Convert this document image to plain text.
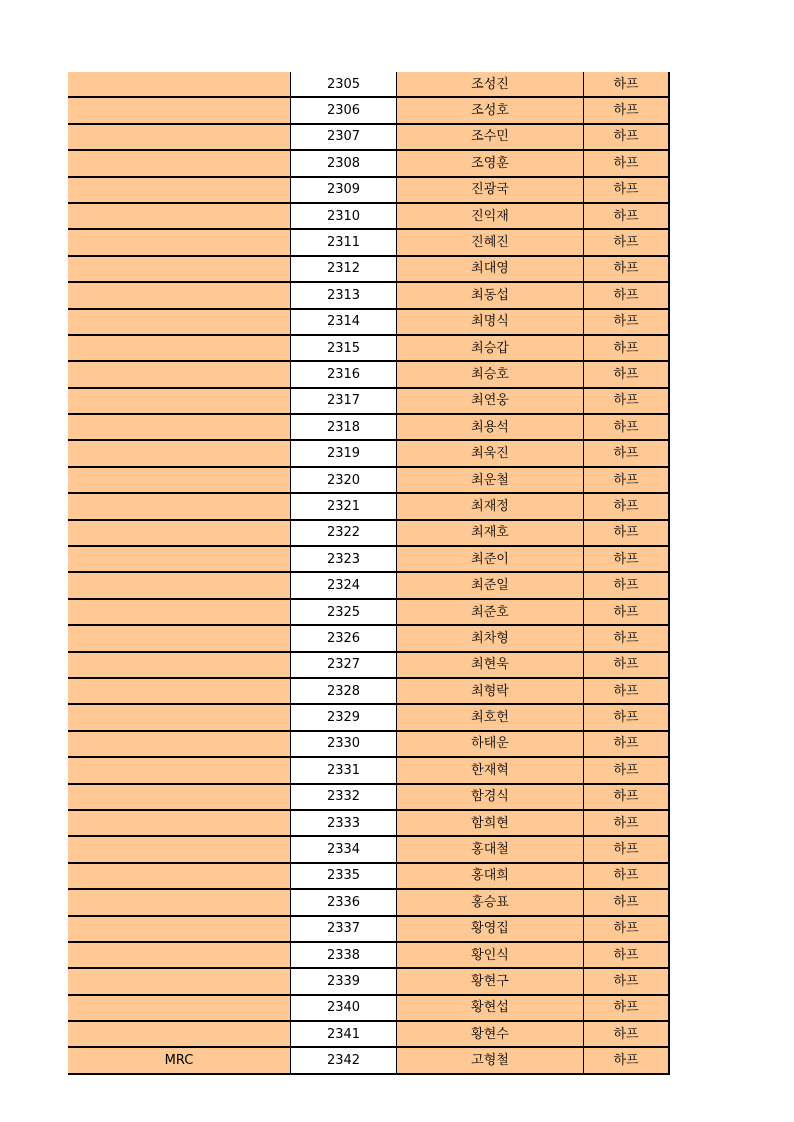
	2305	조성진	하프
	2306	조성호	하프
	2307	조수민	하프
	2308	조영훈	하프
	2309	진광국	하프
	2310	진익재	하프
	2311	진혜진	하프
	2312	최대영	하프
	2313	최동섭	하프
	2314	최명식	하프
	2315	최승갑	하프
	2316	최승호	하프
	2317	최연웅	하프
	2318	최용석	하프
	2319	최욱진	하프
	2320	최운철	하프
	2321	최재정	하프
	2322	최재호	하프
	2323	최준이	하프
	2324	최준일	하프
	2325	최준호	하프
	2326	최차형	하프
	2327	최현욱	하프
	2328	최형락	하프
	2329	최호헌	하프
	2330	하태운	하프
	2331	한재혁	하프
	2332	함경식	하프
	2333	함희현	하프
	2334	홍대철	하프
	2335	홍대희	하프
	2336	홍승표	하프
	2337	황영집	하프
	2338	황인식	하프
	2339	황현구	하프
	2340	황현섭	하프
	2341	황현수	하프
MRC	2342	고형철	하프
